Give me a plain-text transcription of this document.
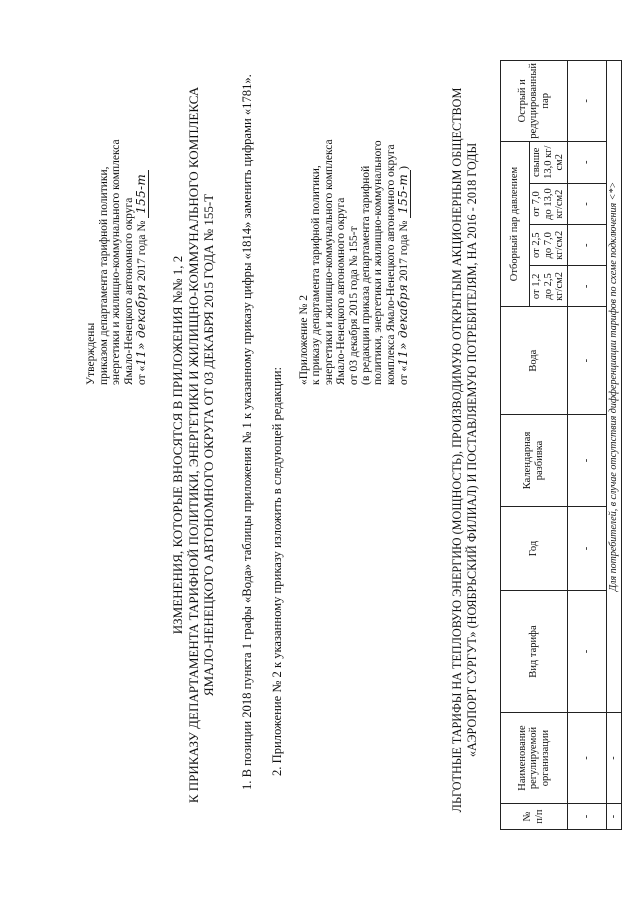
Утверждены приказом департамента тарифной политики, энергетики и жилищно-коммунального комплекса Ямало-Ненецкого автономного округа от «11» декабря 2017 года № 155-т
ИЗМЕНЕНИЯ, КОТОРЫЕ ВНОСЯТСЯ В ПРИЛОЖЕНИЯ №№ 1, 2 К ПРИКАЗУ ДЕПАРТАМЕНТА ТАРИФНОЙ ПОЛИТИКИ, ЭНЕРГЕТИКИ И ЖИЛИЩНО-КОММУНАЛЬНОГО КОМПЛЕКСА ЯМАЛО-НЕНЕЦКОГО АВТОНОМНОГО ОКРУГА ОТ 03 ДЕКАБРЯ 2015 ГОДА № 155-Т 1. В позиции 2018 пункта 1 графы «Вода» таблицы приложения № 1 к указанному приказу цифры «1814» заменить цифрами «1781». 2. Приложение № 2 к указанному приказу изложить в следующей редакции:
«Приложение № 2 к приказу департамента тарифной политики, энергетики и жилищно-коммунального комплекса Ямало-Ненецкого автономного округа от 03 декабря 2015 года № 155-т (в редакции приказа департамента тарифной политики, энергетики и жилищно-коммунального комплекса Ямало-Ненецкого автономного округа от «11» декабря 2017 года № 155-т)	ЛЬГОТНЫЕ ТАРИФЫ НА ТЕПЛОВУЮ ЭНЕРГИЮ (МОЩНОСТЬ), ПРОИЗВОДИМУЮ ОТКРЫТЫМ АКЦИОНЕРНЫМ ОБЩЕСТВОМ «АЭРОПОРТ СУРГУТ» (НОЯБРЬСКИЙ ФИЛИАЛ) И ПОСТАВЛЯЕМУЮ ПОТРЕБИТЕЛЯМ, НА 2016 - 2018 ГОДЫ
№ п/п	Наименование регулируемой организации	Вид тарифа	Год	Календарная разбивка	Вода	Отборный пар давлением				Острый и редуцированный пар
						от 1,2 до 2,5 кг/см2	от 2,5 до 7,0 кг/см2	от 7,0 до 13,0 кг/см2	свыше 13,0 кг/см2	
-	-	-	-	-	-	-	-	-	-	-
-	-	Для потребителей, в случае отсутствия дифференциации тарифов по схеме подключения <*>								
